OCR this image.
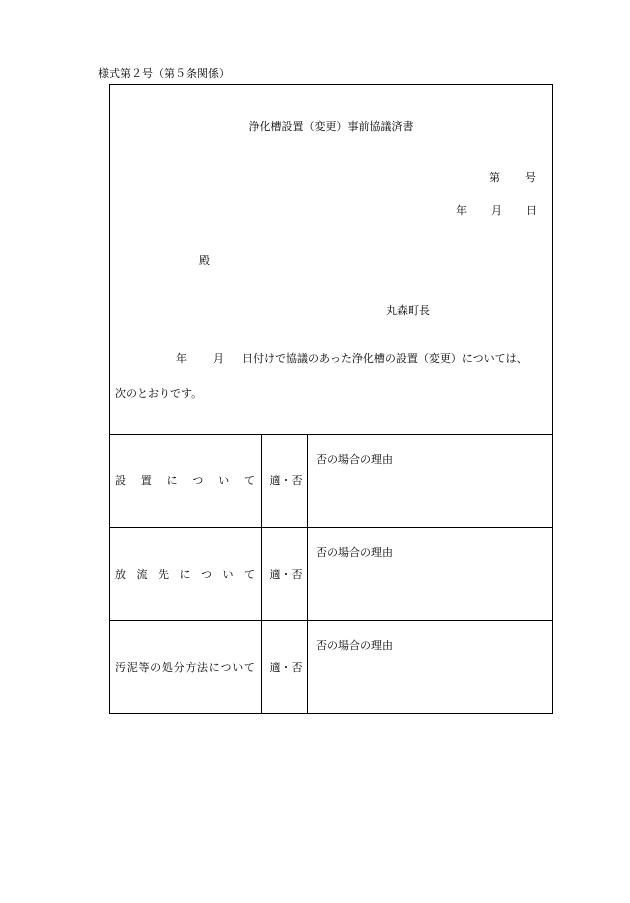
様式第２号（第５条関係）
浄化槽設置（変更）事前協議済書
第 号
年 月 日
殿
丸森町長
年 月 日付けで協議のあった浄化槽の設置（変更）については、
次のとおりです。
設 置 に つ い て	適・否
否の場合の理由
放 流 先 に つ い て	適・否
否の場合の理由
汚 泥 等 の 処 分 方 法 に つ い て	適・否
否の場合の理由
